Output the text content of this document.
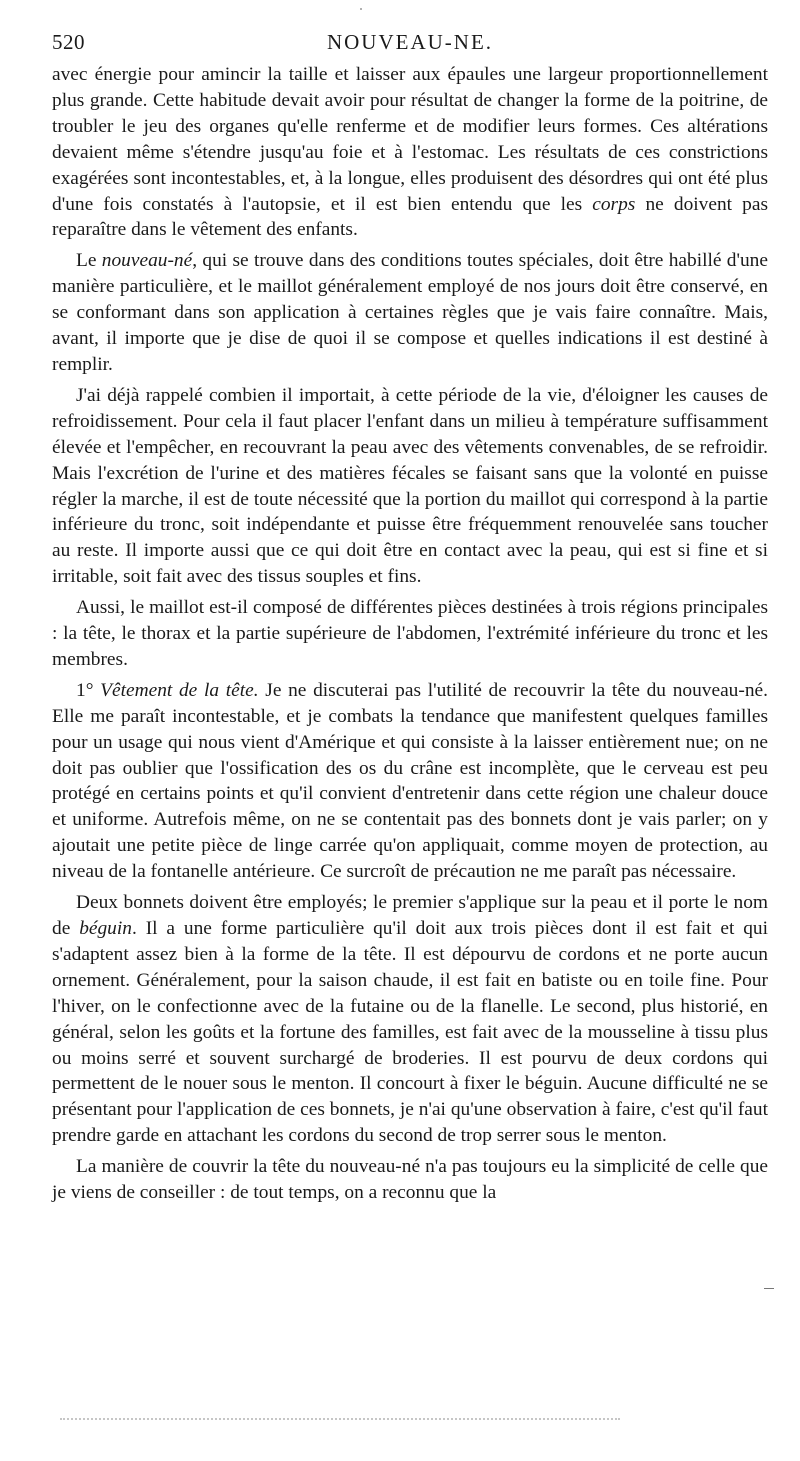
520	NOUVEAU-NE.

avec énergie pour amincir la taille et laisser aux épaules une largeur proportionnellement plus grande. Cette habitude devait avoir pour résultat de changer la forme de la poitrine, de troubler le jeu des organes qu'elle renferme et de modifier leurs formes. Ces altérations devaient même s'étendre jusqu'au foie et à l'estomac. Les résultats de ces constrictions exagérées sont incontestables, et, à la longue, elles produisent des désordres qui ont été plus d'une fois constatés à l'autopsie, et il est bien entendu que les corps ne doivent pas reparaître dans le vêtement des enfants.

Le nouveau-né, qui se trouve dans des conditions toutes spéciales, doit être habillé d'une manière particulière, et le maillot généralement employé de nos jours doit être conservé, en se conformant dans son application à certaines règles que je vais faire connaître. Mais, avant, il importe que je dise de quoi il se compose et quelles indications il est destiné à remplir.

J'ai déjà rappelé combien il importait, à cette période de la vie, d'éloigner les causes de refroidissement. Pour cela il faut placer l'enfant dans un milieu à température suffisamment élevée et l'empêcher, en recouvrant la peau avec des vêtements convenables, de se refroidir. Mais l'excrétion de l'urine et des matières fécales se faisant sans que la volonté en puisse régler la marche, il est de toute nécessité que la portion du maillot qui correspond à la partie inférieure du tronc, soit indépendante et puisse être fréquemment renouvelée sans toucher au reste. Il importe aussi que ce qui doit être en contact avec la peau, qui est si fine et si irritable, soit fait avec des tissus souples et fins.

Aussi, le maillot est-il composé de différentes pièces destinées à trois régions principales : la tête, le thorax et la partie supérieure de l'abdomen, l'extrémité inférieure du tronc et les membres.

1° Vêtement de la tête. Je ne discuterai pas l'utilité de recouvrir la tête du nouveau-né. Elle me paraît incontestable, et je combats la tendance que manifestent quelques familles pour un usage qui nous vient d'Amérique et qui consiste à la laisser entièrement nue; on ne doit pas oublier que l'ossification des os du crâne est incomplète, que le cerveau est peu protégé en certains points et qu'il convient d'entretenir dans cette région une chaleur douce et uniforme. Autrefois même, on ne se contentait pas des bonnets dont je vais parler; on y ajoutait une petite pièce de linge carrée qu'on appliquait, comme moyen de protection, au niveau de la fontanelle antérieure. Ce surcroît de précaution ne me paraît pas nécessaire.

Deux bonnets doivent être employés; le premier s'applique sur la peau et il porte le nom de béguin. Il a une forme particulière qu'il doit aux trois pièces dont il est fait et qui s'adaptent assez bien à la forme de la tête. Il est dépourvu de cordons et ne porte aucun ornement. Généralement, pour la saison chaude, il est fait en batiste ou en toile fine. Pour l'hiver, on le confectionne avec de la futaine ou de la flanelle. Le second, plus historié, en général, selon les goûts et la fortune des familles, est fait avec de la mousseline à tissu plus ou moins serré et souvent surchargé de broderies. Il est pourvu de deux cordons qui permettent de le nouer sous le menton. Il concourt à fixer le béguin. Aucune difficulté ne se présentant pour l'application de ces bonnets, je n'ai qu'une observation à faire, c'est qu'il faut prendre garde en attachant les cordons du second de trop serrer sous le menton.

La manière de couvrir la tête du nouveau-né n'a pas toujours eu la simplicité de celle que je viens de conseiller : de tout temps, on a reconnu que la
